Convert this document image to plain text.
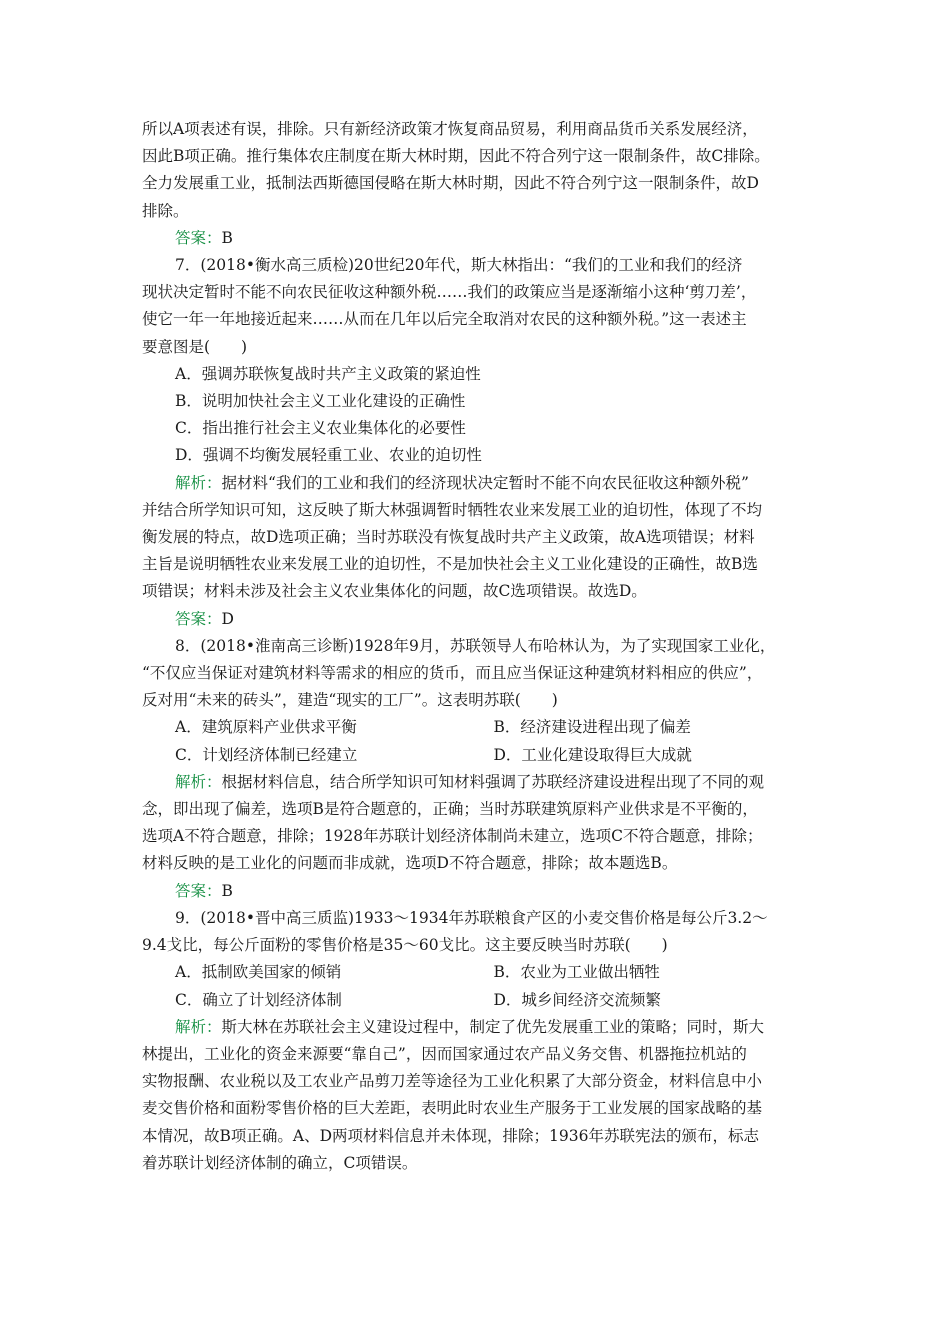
所以A项表述有误，排除。只有新经济政策才恢复商品贸易，利用商品货币关系发展经济，
因此B项正确。推行集体农庄制度在斯大林时期，因此不符合列宁这一限制条件，故C排除。
全力发展重工业，抵制法西斯德国侵略在斯大林时期，因此不符合列宁这一限制条件，故D
排除。
答案：B
7．(2018•衡水高三质检)20世纪20年代，斯大林指出：“我们的工业和我们的经济
现状决定暂时不能不向农民征收这种额外税……我们的政策应当是逐渐缩小这种‘剪刀差’，
使它一年一年地接近起来……从而在几年以后完全取消对农民的这种额外税。”这一表述主
要意图是(　　)
A．强调苏联恢复战时共产主义政策的紧迫性
B．说明加快社会主义工业化建设的正确性
C．指出推行社会主义农业集体化的必要性
D．强调不均衡发展轻重工业、农业的迫切性
解析：据材料“我们的工业和我们的经济现状决定暂时不能不向农民征收这种额外税”
并结合所学知识可知，这反映了斯大林强调暂时牺牲农业来发展工业的迫切性，体现了不均
衡发展的特点，故D选项正确；当时苏联没有恢复战时共产主义政策，故A选项错误；材料
主旨是说明牺牲农业来发展工业的迫切性，不是加快社会主义工业化建设的正确性，故B选
项错误；材料未涉及社会主义农业集体化的问题，故C选项错误。故选D。
答案：D
8．(2018•淮南高三诊断)1928年9月，苏联领导人布哈林认为，为了实现国家工业化，
“不仅应当保证对建筑材料等需求的相应的货币，而且应当保证这种建筑材料相应的供应”，
反对用“未来的砖头”，建造“现实的工厂”。这表明苏联(　　)
A．建筑原料产业供求平衡	B．经济建设进程出现了偏差
C．计划经济体制已经建立	D．工业化建设取得巨大成就
解析：根据材料信息，结合所学知识可知材料强调了苏联经济建设进程出现了不同的观
念，即出现了偏差，选项B是符合题意的，正确；当时苏联建筑原料产业供求是不平衡的，
选项A不符合题意，排除；1928年苏联计划经济体制尚未建立，选项C不符合题意，排除；
材料反映的是工业化的问题而非成就，选项D不符合题意，排除；故本题选B。
答案：B
9．(2018•晋中高三质监)1933～1934年苏联粮食产区的小麦交售价格是每公斤3.2～
9.4戈比，每公斤面粉的零售价格是35～60戈比。这主要反映当时苏联(　　)
A．抵制欧美国家的倾销	B．农业为工业做出牺牲
C．确立了计划经济体制	D．城乡间经济交流频繁
解析：斯大林在苏联社会主义建设过程中，制定了优先发展重工业的策略；同时，斯大
林提出，工业化的资金来源要“靠自己”，因而国家通过农产品义务交售、机器拖拉机站的
实物报酬、农业税以及工农业产品剪刀差等途径为工业化积累了大部分资金，材料信息中小
麦交售价格和面粉零售价格的巨大差距，表明此时农业生产服务于工业发展的国家战略的基
本情况，故B项正确。A、D两项材料信息并未体现，排除；1936年苏联宪法的颁布，标志
着苏联计划经济体制的确立，C项错误。
